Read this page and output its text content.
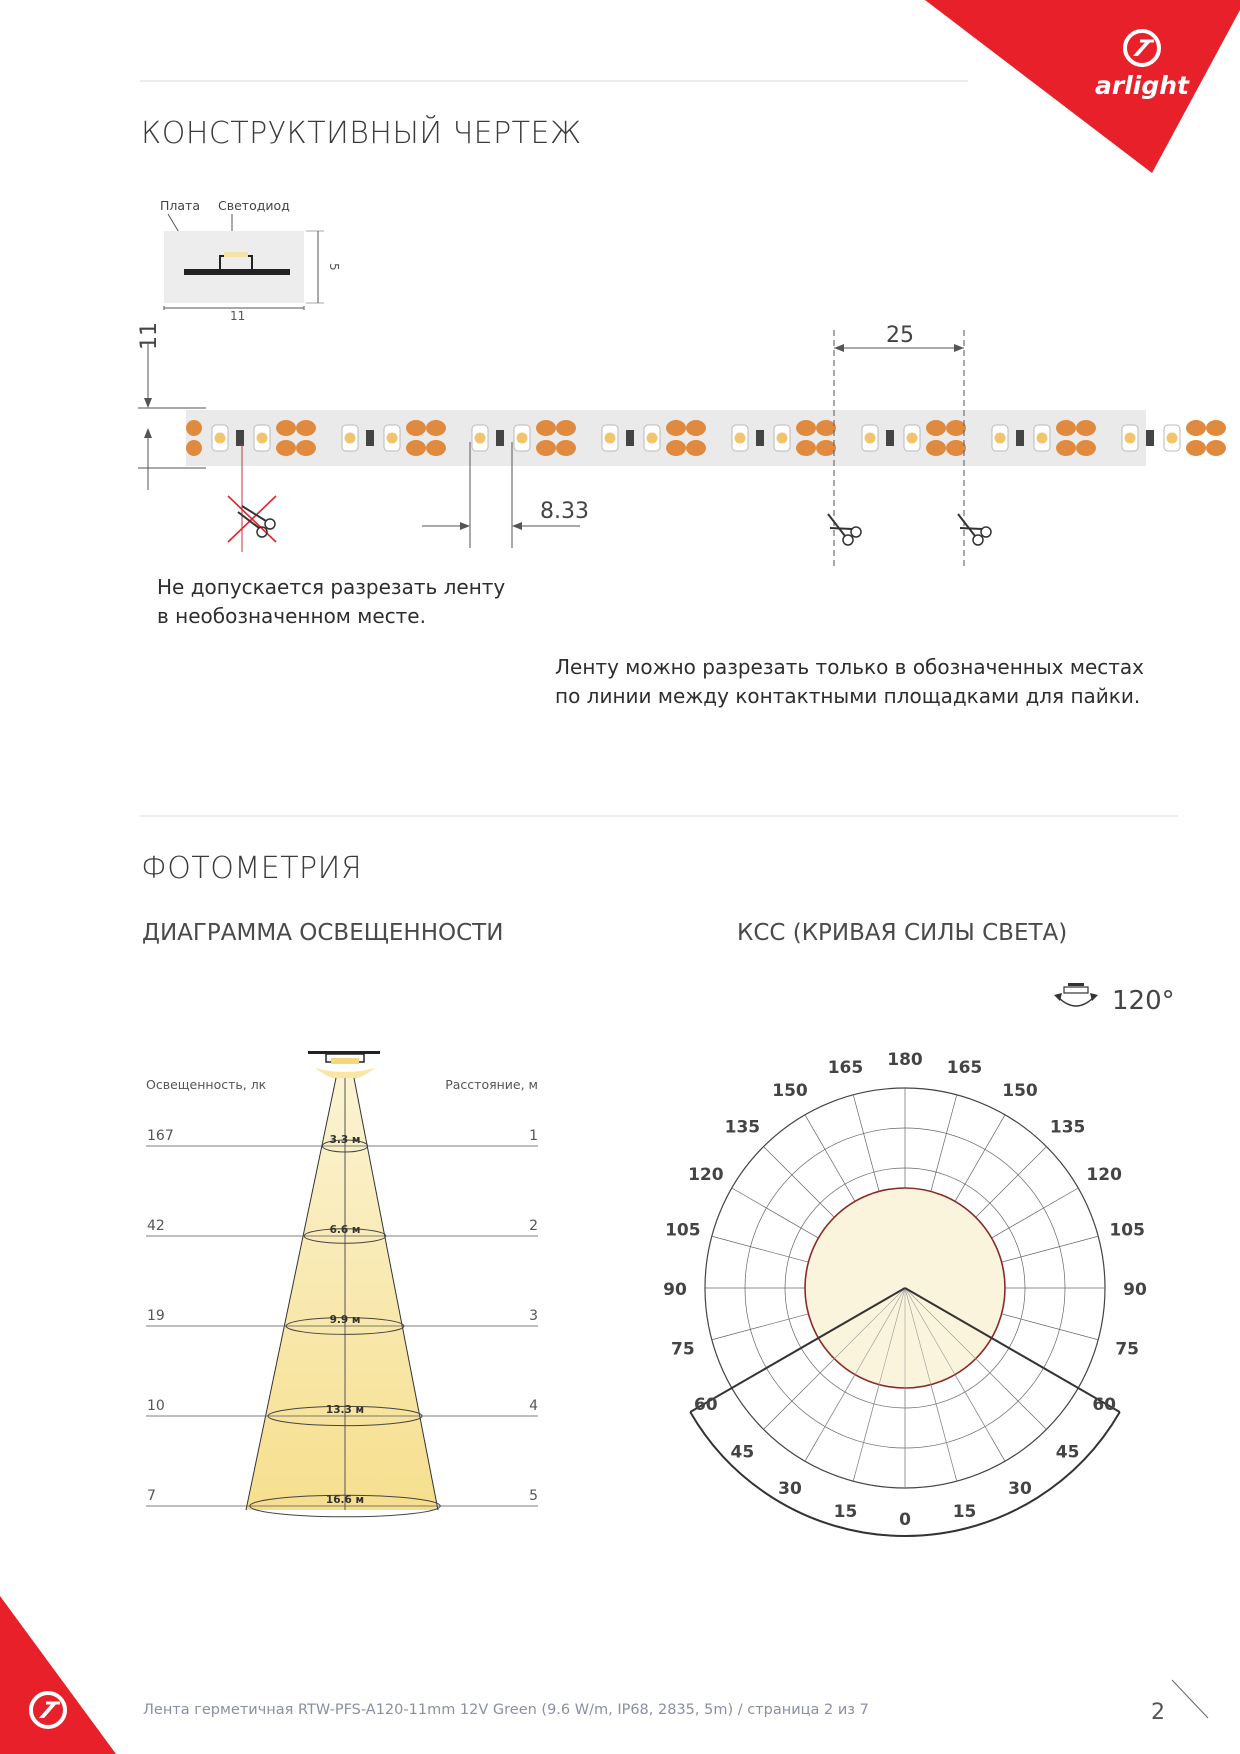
arlight
КОНСТРУКТИВНЫЙ ЧЕРТЕЖ
Плата Светодиод
11
5
11
8.33
25
Не допускается разрезать ленту
в необозначенном месте.
Ленту можно разрезать только в обозначенных местах
по линии между контактными площадками для пайки.
ФОТОМЕТРИЯ
ДИАГРАММА ОСВЕЩЕННОСТИ	КСС (КРИВАЯ СИЛЫ СВЕТА)
Освещенность, лк	Расстояние, м
167	3.3 м	1
42	6.6 м	2
19	9.9 м	3
10	13.3 м	4
7	16.6 м	5
120°
165 180 165
150
135
120
105
90
75
60
45
30
15
150
135
120
105
90
75
60
45
30
15
0
Лента герметичная RTW-PFS-A120-11mm 12V Green (9.6 W/m, IP68, 2835, 5m) / страница 2 из 7	2
